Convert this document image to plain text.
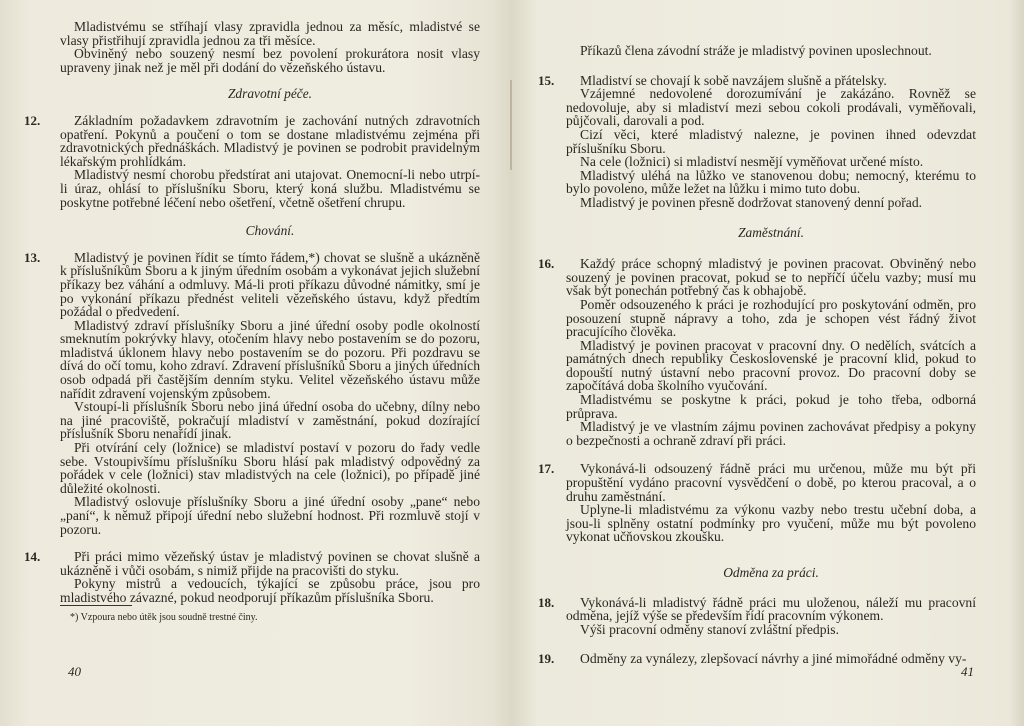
Mladistvému se stříhají vlasy zpravidla jednou za měsíc, mladistvé se vlasy přistřihují zpravidla jednou za tři měsíce.

Obviněný nebo souzený nesmí bez povolení prokurátora nosit vlasy upraveny jinak než je měl při dodání do vězeňského ústavu.

Zdravotní péče.

12.	Základním požadavkem zdravotním je zachování nutných zdravotních opatření. Pokynů a poučení o tom se dostane mladistvému zejména při zdravotnických přednáškách. Mladistvý je povinen se podrobit pravidelným lékařským prohlídkám.

Mladistvý nesmí chorobu předstírat ani utajovat. Onemocní-li nebo utrpí-li úraz, ohlásí to příslušníku Sboru, který koná službu. Mladistvému se poskytne potřebné léčení nebo ošetření, včetně ošetření chrupu.

Chování.

13.	Mladistvý je povinen řídit se tímto řádem,*) chovat se slušně a ukázněně k příslušníkům Sboru a k jiným úředním osobám a vykonávat jejich služební příkazy bez váhání a odmluvy. Má-li proti příkazu důvodné námitky, smí je po vykonání příkazu přednést veliteli vězeňského ústavu, když předtím požádal o předvedení.

Mladistvý zdraví příslušníky Sboru a jiné úřední osoby podle okolností smeknutím pokrývky hlavy, otočením hlavy nebo postavením se do pozoru, mladistvá úklonem hlavy nebo postavením se do pozoru. Při pozdravu se dívá do očí tomu, koho zdraví. Zdravení příslušníků Sboru a jiných úředních osob odpadá při častějším denním styku. Velitel vězeňského ústavu může nařídit zdravení vojenským způsobem.

Vstoupí-li příslušník Sboru nebo jiná úřední osoba do učebny, dílny nebo na jiné pracoviště, pokračují mladiství v zaměstnání, pokud dozírající příslušník Sboru nenařídí jinak.

Při otvírání cely (ložnice) se mladiství postaví v pozoru do řady vedle sebe. Vstoupivšímu příslušníku Sboru hlásí pak mladistvý odpovědný za pořádek v cele (ložnici) stav mladistvých na cele (ložnici), po případě jiné důležité okolnosti.

Mladistvý oslovuje příslušníky Sboru a jiné úřední osoby „pane“ nebo „paní“, k němuž připojí úřední nebo služební hodnost. Při rozmluvě stojí v pozoru.

14.	Při práci mimo vězeňský ústav je mladistvý povinen se chovat slušně a ukázněně i vůči osobám, s nimiž přijde na pracovišti do styku.

Pokyny mistrů a vedoucích, týkající se způsobu práce, jsou pro mladistvého závazné, pokud neodporují příkazům příslušníka Sboru.

*) Vzpoura nebo útěk jsou soudně trestné činy.

40

Příkazů člena závodní stráže je mladistvý povinen uposlechnout.

15.	Mladiství se chovají k sobě navzájem slušně a přátelsky.

Vzájemné nedovolené dorozumívání je zakázáno. Rovněž se nedovoluje, aby si mladiství mezi sebou cokoli prodávali, vyměňovali, půjčovali, darovali a pod.

Cizí věci, které mladistvý nalezne, je povinen ihned odevzdat příslušníku Sboru.

Na cele (ložnici) si mladiství nesmějí vyměňovat určené místo.

Mladistvý uléhá na lůžko ve stanovenou dobu; nemocný, kterému to bylo povoleno, může ležet na lůžku i mimo tuto dobu.

Mladistvý je povinen přesně dodržovat stanovený denní pořad.

Zaměstnání.

16.	Každý práce schopný mladistvý je povinen pracovat. Obviněný nebo souzený je povinen pracovat, pokud se to nepříčí účelu vazby; musí mu však být ponechán potřebný čas k obhajobě.

Poměr odsouzeného k práci je rozhodující pro poskytování odměn, pro posouzení stupně nápravy a toho, zda je schopen vést řádný život pracujícího člověka.

Mladistvý je povinen pracovat v pracovní dny. O nedělích, svátcích a památných dnech republiky Československé je pracovní klid, pokud to dopouští nutný ústavní nebo pracovní provoz. Do pracovní doby se započítává doba školního vyučování.

Mladistvému se poskytne k práci, pokud je toho třeba, odborná průprava.

Mladistvý je ve vlastním zájmu povinen zachovávat předpisy a pokyny o bezpečnosti a ochraně zdraví při práci.

17.	Vykonává-li odsouzený řádně práci mu určenou, může mu být při propuštění vydáno pracovní vysvědčení o době, po kterou pracoval, a o druhu zaměstnání.

Uplyne-li mladistvému za výkonu vazby nebo trestu učební doba, a jsou-li splněny ostatní podmínky pro vyučení, může mu být povoleno vykonat učňovskou zkoušku.

Odměna za práci.

18.	Vykonává-li mladistvý řádně práci mu uloženou, náleží mu pracovní odměna, jejíž výše se především řídí pracovním výkonem.

Výši pracovní odměny stanoví zvláštní předpis.

19.	Odměny za vynálezy, zlepšovací návrhy a jiné mimořádné odměny vy-

41
